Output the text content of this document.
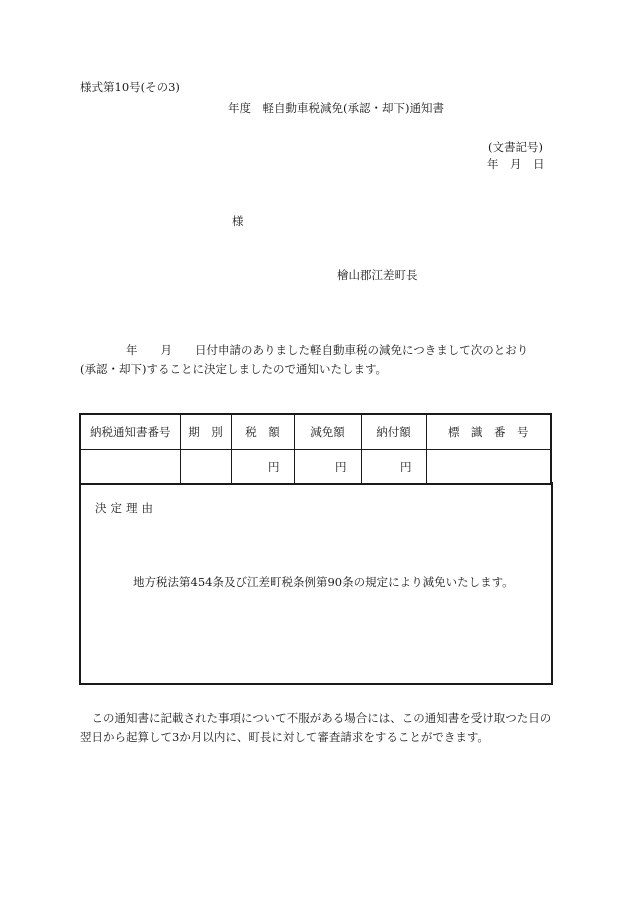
様式第10号(その3)
年度　軽自動車税減免(承認・却下)通知書
(文書記号)
年　月　日
様
檜山郡江差町長
　　　　年　　月　　日付申請のありました軽自動車税の減免につきまして次のとおり
(承認・却下)することに決定しましたので通知いたします。
納税通知書番号	期　別	税　額	減免額	納付額	標　識　番　号
		円	円	円	
決定理由
地方税法第454条及び江差町税条例第90条の規定により減免いたします。
　この通知書に記載された事項について不服がある場合には、この通知書を受け取つた日の翌日から起算して3か月以内に、町長に対して審査請求をすることができます。
